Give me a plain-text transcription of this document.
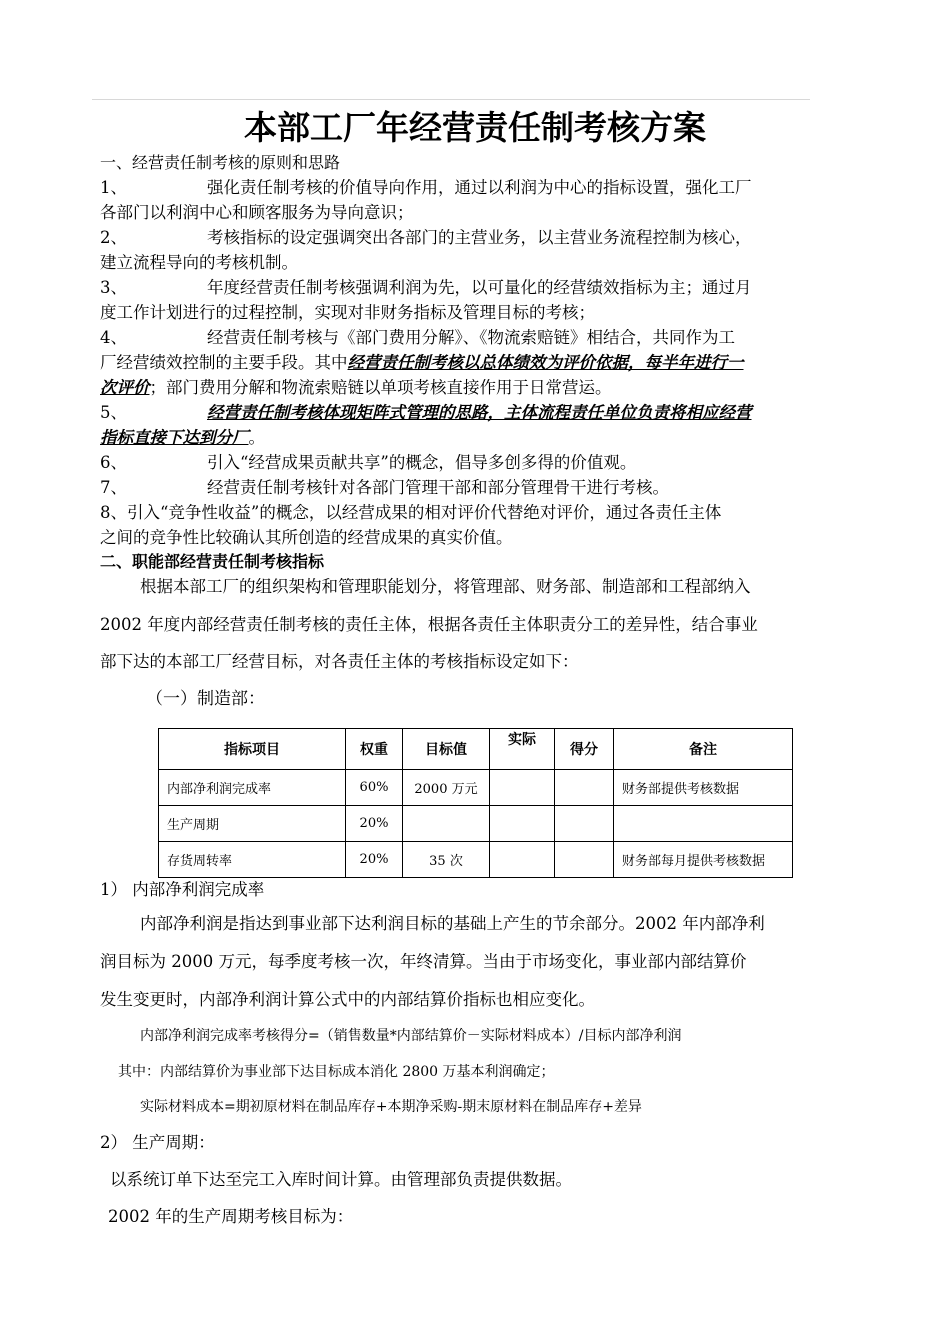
本部工厂年经营责任制考核方案
一、经营责任制考核的原则和思路
1、	强化责任制考核的价值导向作用，通过以利润为中心的指标设置，强化工厂
各部门以利润中心和顾客服务为导向意识；
2、	考核指标的设定强调突出各部门的主营业务，以主营业务流程控制为核心，
建立流程导向的考核机制。
3、	年度经营责任制考核强调利润为先，以可量化的经营绩效指标为主；通过月
度工作计划进行的过程控制，实现对非财务指标及管理目标的考核；
4、	经营责任制考核与《部门费用分解》、《物流索赔链》相结合，共同作为工
厂经营绩效控制的主要手段。其中经营责任制考核以总体绩效为评价依据，每半年进行一
次评价；部门费用分解和物流索赔链以单项考核直接作用于日常营运。
5、	经营责任制考核体现矩阵式管理的思路，主体流程责任单位负责将相应经营
指标直接下达到分厂。
6、	引入“经营成果贡献共享”的概念，倡导多创多得的价值观。
7、	经营责任制考核针对各部门管理干部和部分管理骨干进行考核。
8、引入“竞争性收益”的概念，以经营成果的相对评价代替绝对评价，通过各责任主体
之间的竞争性比较确认其所创造的经营成果的真实价值。
二、职能部经营责任制考核指标
根据本部工厂的组织架构和管理职能划分，将管理部、财务部、制造部和工程部纳入
2002 年度内部经营责任制考核的责任主体，根据各责任主体职责分工的差异性，结合事业
部下达的本部工厂经营目标，对各责任主体的考核指标设定如下：
（一）制造部：
指标项目	权重	目标值	实际	得分	备注
内部净利润完成率	60%	2000 万元			财务部提供考核数据
生产周期	20%				
存货周转率	20%	35 次			财务部每月提供考核数据
1） 内部净利润完成率
内部净利润是指达到事业部下达利润目标的基础上产生的节余部分。2002 年内部净利
润目标为 2000 万元，每季度考核一次，年终清算。当由于市场变化，事业部内部结算价
发生变更时，内部净利润计算公式中的内部结算价指标也相应变化。
内部净利润完成率考核得分=（销售数量*内部结算价－实际材料成本）/目标内部净利润
其中：内部结算价为事业部下达目标成本消化 2800 万基本利润确定；
实际材料成本=期初原材料在制品库存+本期净采购-期末原材料在制品库存+差异
2） 生产周期：
以系统订单下达至完工入库时间计算。由管理部负责提供数据。
2002 年的生产周期考核目标为：
